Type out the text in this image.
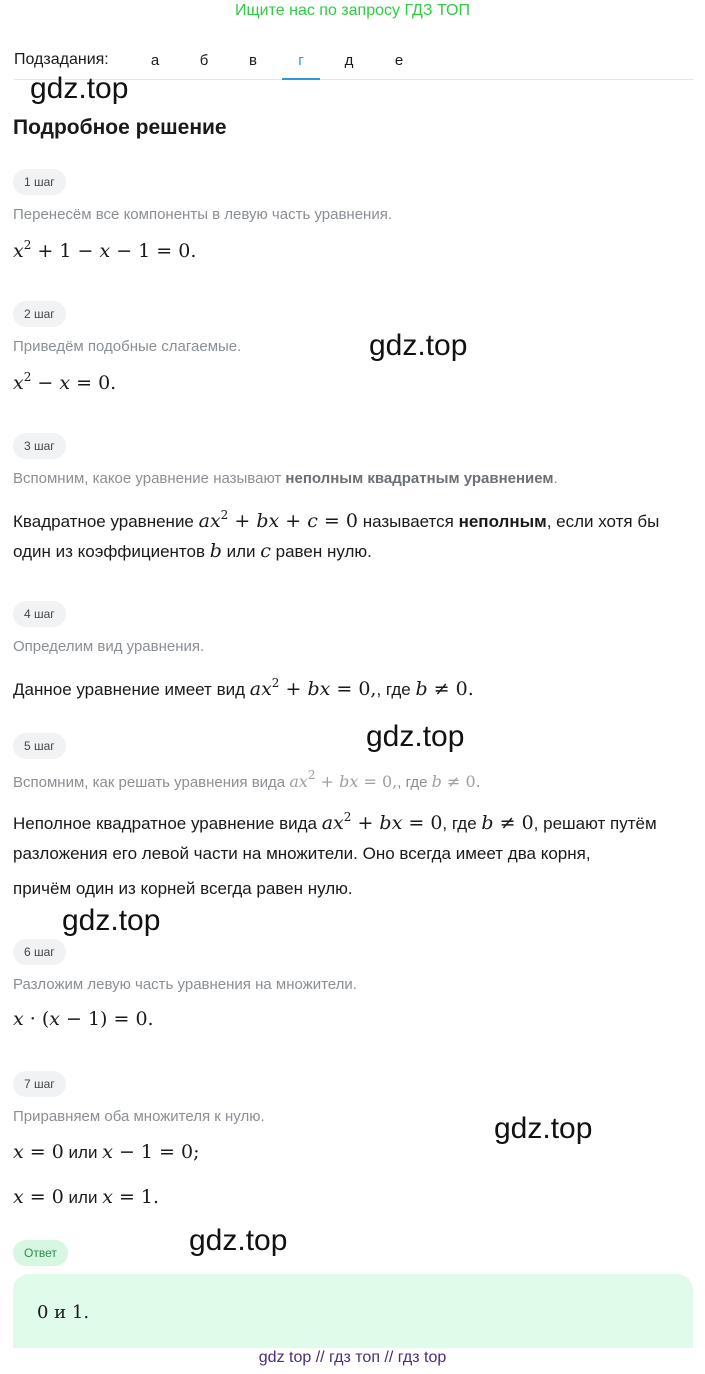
Ищите нас по запросу ГДЗ ТОП
Подзадания:	а	б	в	г	д	е
gdz.top
Подробное решение
1 шаг
Перенесём все компоненты в левую часть уравнения.
$x^2 + 1 - x - 1 = 0$.
2 шаг
gdz.top
Приведём подобные слагаемые.
$x^2 - x = 0$.
3 шаг
Вспомним, какое уравнение называют неполным квадратным уравнением.
Квадратное уравнение $ax^2$ + bx + c = 0 называется неполным, если хотя бы
один из коэффициентов b или c равен нулю.
4 шаг
Определим вид уравнения.
Данное уравнение имеет вид $ax^2$ + bx = 0,, где b ≠ 0.
gdz.top
5 шаг
Вспомним, как решать уравнения вида $ax^2$ + bx = 0,, где b ≠ 0.
Неполное квадратное уравнение вида $ax^2$ + bx = 0, где b ≠ 0, решают путём
разложения его левой части на множители. Оно всегда имеет два корня,
причём один из корней всегда равен нулю.
gdz.top
6 шаг
Разложим левую часть уравнения на множители.
x · (x − 1) = 0.
7 шаг
Приравняем оба множителя к нулю.	gdz.top
x = 0 или x − 1 = 0;
x = 0 или x = 1.
Ответ	gdz.top
0 и 1.
gdz top // гдз топ // гдз top
